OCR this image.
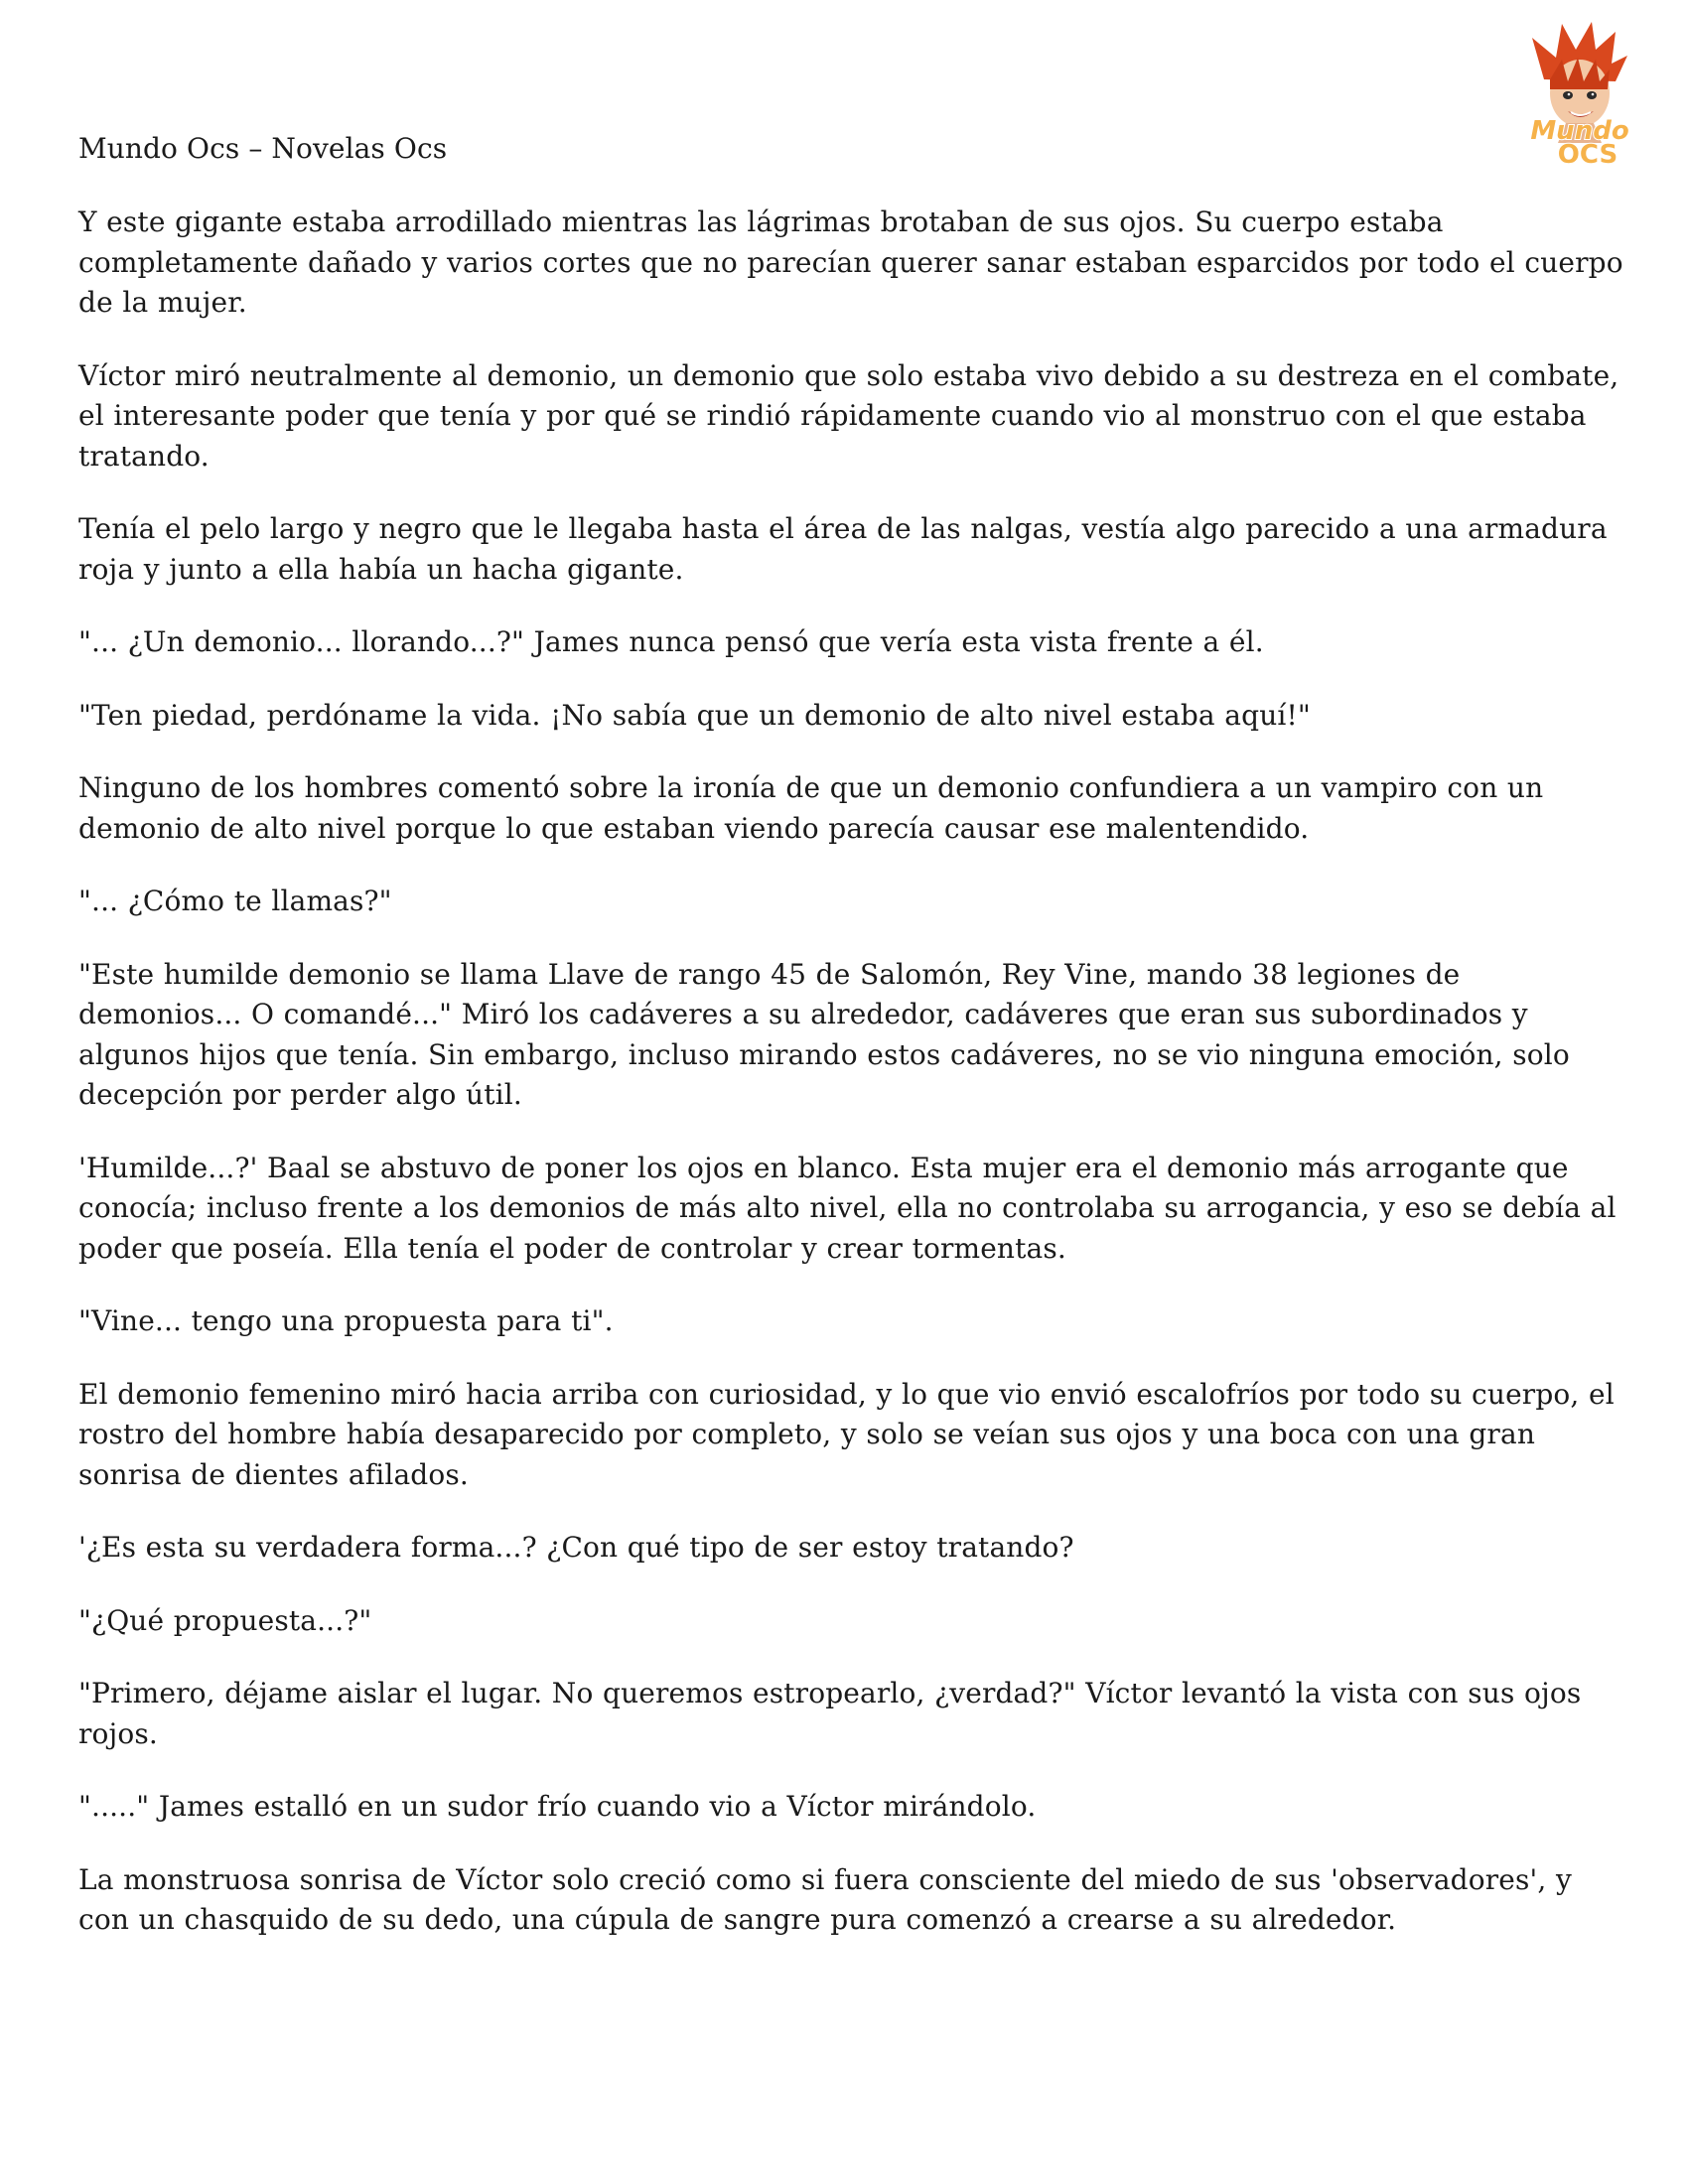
Mundo Ocs – Novelas Ocs
Mundo
OCS

Y este gigante estaba arrodillado mientras las lágrimas brotaban de sus ojos. Su cuerpo estaba completamente dañado y varios cortes que no parecían querer sanar estaban esparcidos por todo el cuerpo de la mujer.

Víctor miró neutralmente al demonio, un demonio que solo estaba vivo debido a su destreza en el combate, el interesante poder que tenía y por qué se rindió rápidamente cuando vio al monstruo con el que estaba tratando.

Tenía el pelo largo y negro que le llegaba hasta el área de las nalgas, vestía algo parecido a una armadura roja y junto a ella había un hacha gigante.

"... ¿Un demonio... llorando...?" James nunca pensó que vería esta vista frente a él.

"Ten piedad, perdóname la vida. ¡No sabía que un demonio de alto nivel estaba aquí!"

Ninguno de los hombres comentó sobre la ironía de que un demonio confundiera a un vampiro con un demonio de alto nivel porque lo que estaban viendo parecía causar ese malentendido.

"... ¿Cómo te llamas?"

"Este humilde demonio se llama Llave de rango 45 de Salomón, Rey Vine, mando 38 legiones de demonios... O comandé..." Miró los cadáveres a su alrededor, cadáveres que eran sus subordinados y algunos hijos que tenía. Sin embargo, incluso mirando estos cadáveres, no se vio ninguna emoción, solo decepción por perder algo útil.

'Humilde...?' Baal se abstuvo de poner los ojos en blanco. Esta mujer era el demonio más arrogante que conocía; incluso frente a los demonios de más alto nivel, ella no controlaba su arrogancia, y eso se debía al poder que poseía. Ella tenía el poder de controlar y crear tormentas.

"Vine... tengo una propuesta para ti".

El demonio femenino miró hacia arriba con curiosidad, y lo que vio envió escalofríos por todo su cuerpo, el rostro del hombre había desaparecido por completo, y solo se veían sus ojos y una boca con una gran sonrisa de dientes afilados.

'¿Es esta su verdadera forma...? ¿Con qué tipo de ser estoy tratando?

"¿Qué propuesta...?"

"Primero, déjame aislar el lugar. No queremos estropearlo, ¿verdad?" Víctor levantó la vista con sus ojos rojos.

"....." James estalló en un sudor frío cuando vio a Víctor mirándolo.

La monstruosa sonrisa de Víctor solo creció como si fuera consciente del miedo de sus 'observadores', y con un chasquido de su dedo, una cúpula de sangre pura comenzó a crearse a su alrededor.
